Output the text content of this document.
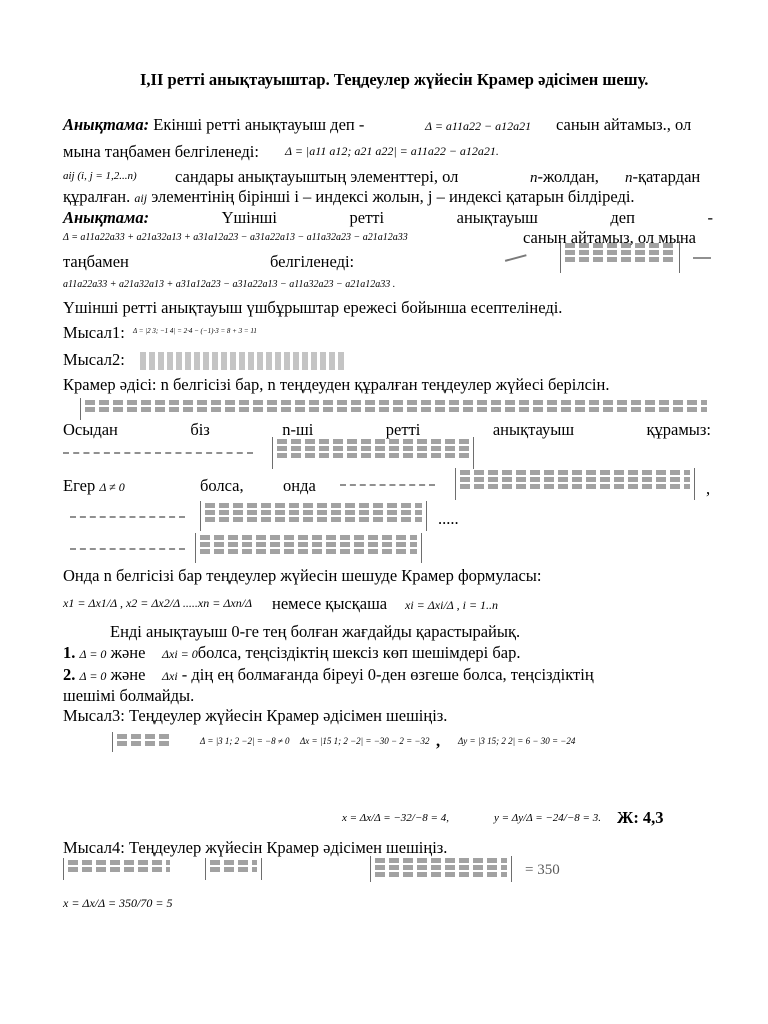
І,ІІ ретті анықтауыштар. Теңдеулер жүйесін Крамер әдісімен шешу.
Анықтама: Екінші ретті анықтауыш деп -	Δ = a11a22 − a12a21 санын айтамыз., ол
мына таңбамен белгіленеді: Δ = |a11 a12; a21 a22| = a11a22 − a12a21.
aij (i, j = 1,2...n) сандары анықтауыштың элементтері, ол	n-жолдан, n-қатардан
құралған. aij элементінің бірінші і – индексі жолын, j – индексі қатарын білдіреді.
Анықтама:	Үшінші	ретті	анықтауыш	деп	-
Δ = a11a22a33 + a21a32a13 + a31a12a23 − a31a22a13 − a11a32a23 − a21a12a33	санын айтамыз, ол мына
таңбамен	белгіленеді:
a11a22a33 + a21a32a13 + a31a12a23 − a31a22a13 − a11a32a23 − a21a12a33 .
Үшінші ретті анықтауыш үшбұрыштар ережесі бойынша есептелінеді.
Мысал1: Δ = |2 3; −1 4| = 2·4 − (−1)·3 = 8 + 3 = 11
Мысал2:
Крамер әдісі: n белгісізі бар, n теңдеуден құралған теңдеулер жүйесі берілсін.
Осыдан	біз	n-ші	ретті	анықтауыш	құрамыз:
Егер Δ ≠ 0	болса, онда	,
.....
Онда n белгісізі бар теңдеулер жүйесін шешуде Крамер формуласы:
x1 = Δx1/Δ , x2 = Δx2/Δ .....xn = Δxn/Δ немесе қысқаша xi = Δxi/Δ , i = 1..n
Енді анықтауыш 0-ге тең болған жағдайды қарастырайық.
1. Δ = 0 және Δxi = 0болса, теңсіздіктің шексіз көп шешімдері бар.
2. Δ = 0 және Δxi - дің ең болмағанда біреуі 0-ден өзгеше болса, теңсіздіктің
шешімі болмайды.
Мысал3: Теңдеулер жүйесін Крамер әдісімен шешіңіз.
Δ = |3 1; 2 −2| = −8 ≠ 0 Δx = |15 1; 2 −2| = −30 − 2 = −32 , Δy = |3 15; 2 2| = 6 − 30 = −24
x = Δx/Δ = −32/−8 = 4,	y = Δy/Δ = −24/−8 = 3. Ж: 4,3
Мысал4: Теңдеулер жүйесін Крамер әдісімен шешіңіз.
= 350
x = Δx/Δ = 350/70 = 5
